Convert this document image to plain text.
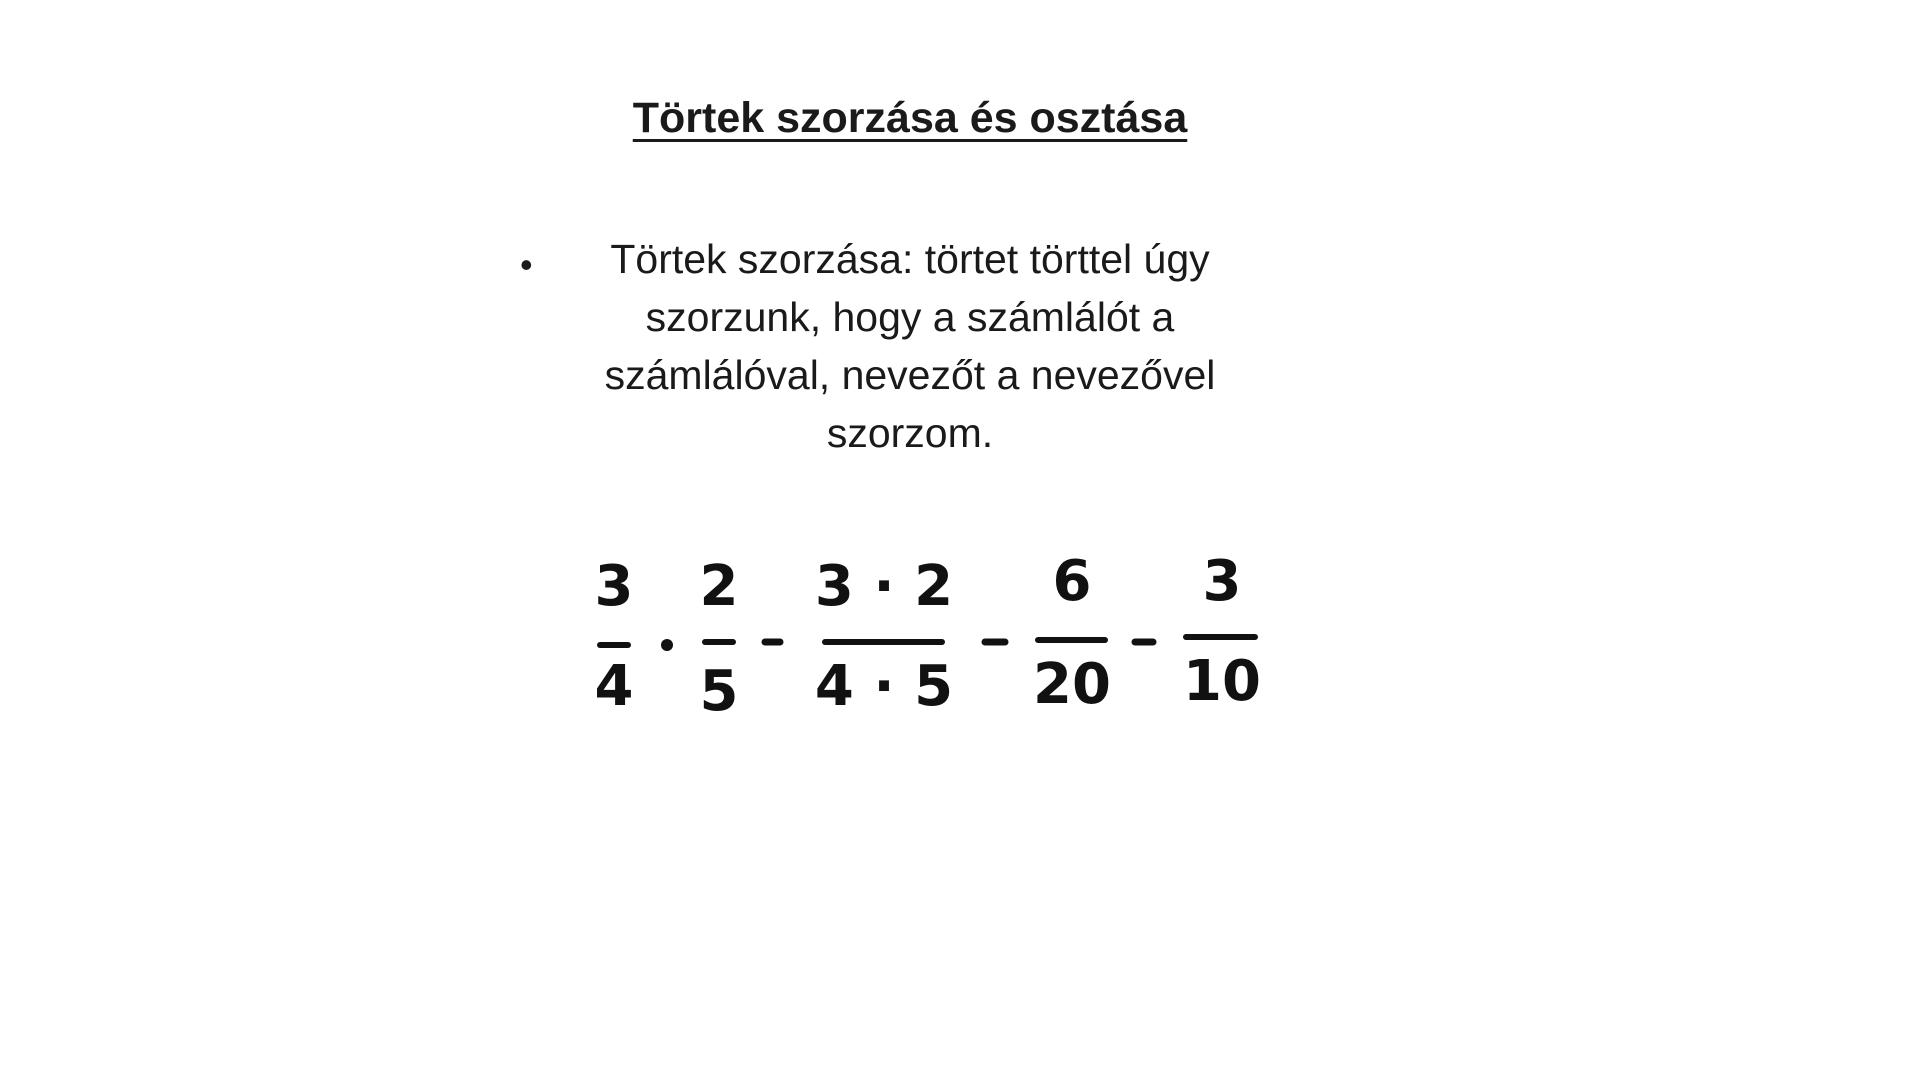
Törtek szorzása és osztása
•	Törtek szorzása: törtet törttel úgy szorzunk, hogy a számlálót a számlálóval, nevezőt a nevezővel szorzom.
3
4
2
5
3 · 2
4 · 5
6
20
3
10
